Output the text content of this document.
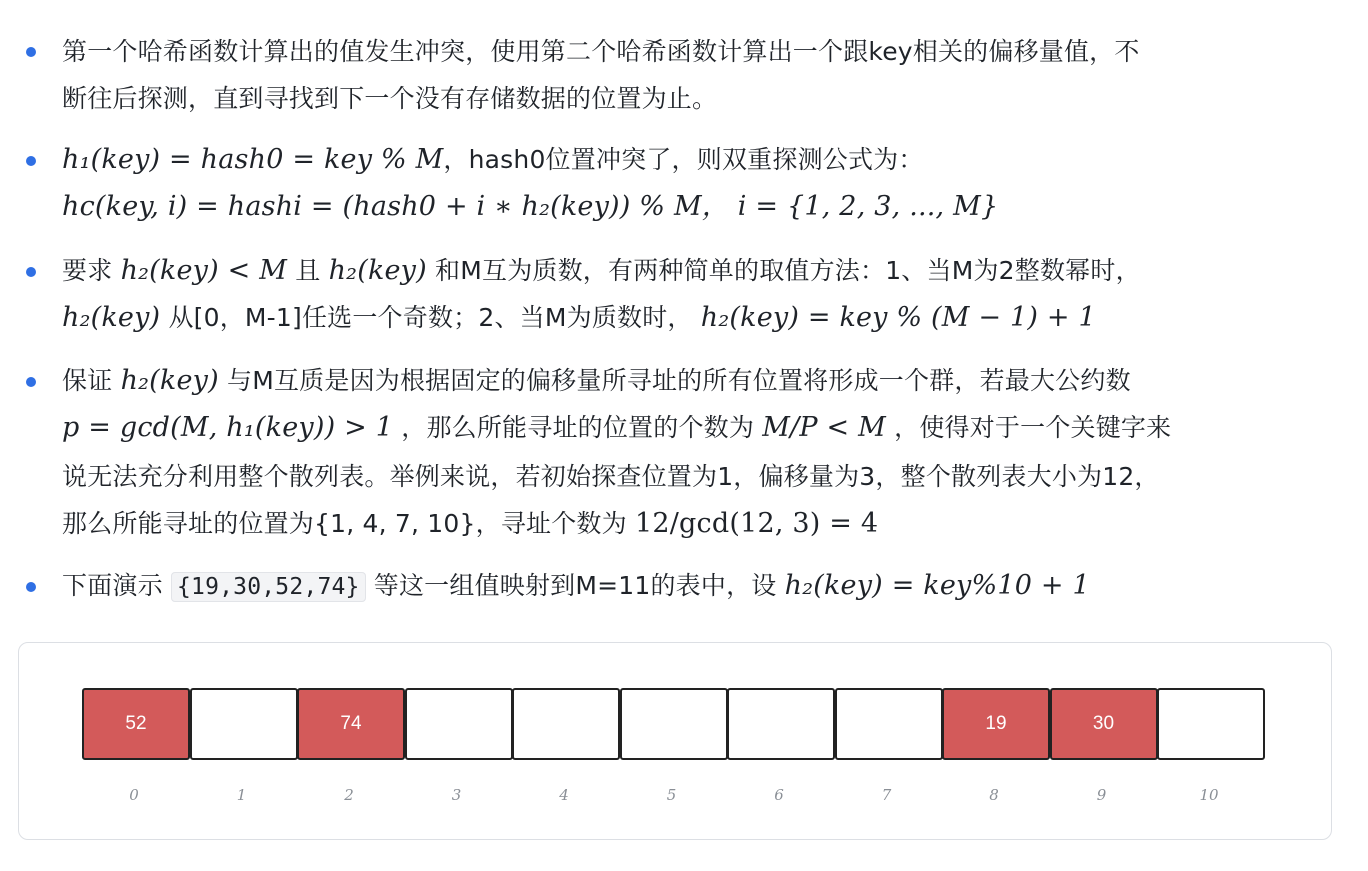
第一个哈希函数计算出的值发生冲突，使用第二个哈希函数计算出一个跟key相关的偏移量值，不
断往后探测，直到寻找到下一个没有存储数据的位置为止。
h₁(key) = hash0 = key % M，hash0位置冲突了，则双重探测公式为：
hc(key, i) = hashi = (hash0 + i ∗ h₂(key)) % M， i = {1, 2, 3, ..., M}
要求 h₂(key) < M 且 h₂(key) 和M互为质数，有两种简单的取值方法：1、当M为2整数幂时，
h₂(key) 从[0，M-1]任选一个奇数；2、当M为质数时， h₂(key) = key % (M − 1) + 1
保证 h₂(key) 与M互质是因为根据固定的偏移量所寻址的所有位置将形成一个群，若最大公约数
p = gcd(M, h₁(key)) > 1 ，那么所能寻址的位置的个数为 M/P < M ，使得对于一个关键字来
说无法充分利用整个散列表。举例来说，若初始探查位置为1，偏移量为3，整个散列表大小为12，
那么所能寻址的位置为{1, 4, 7, 10}，寻址个数为 12/gcd(12, 3) = 4
下面演示 {19,30,52,74} 等这一组值映射到M=11的表中，设 h₂(key) = key%10 + 1
52
0	1
74
2	3	4	5	6	7
19
8
30
9	10
